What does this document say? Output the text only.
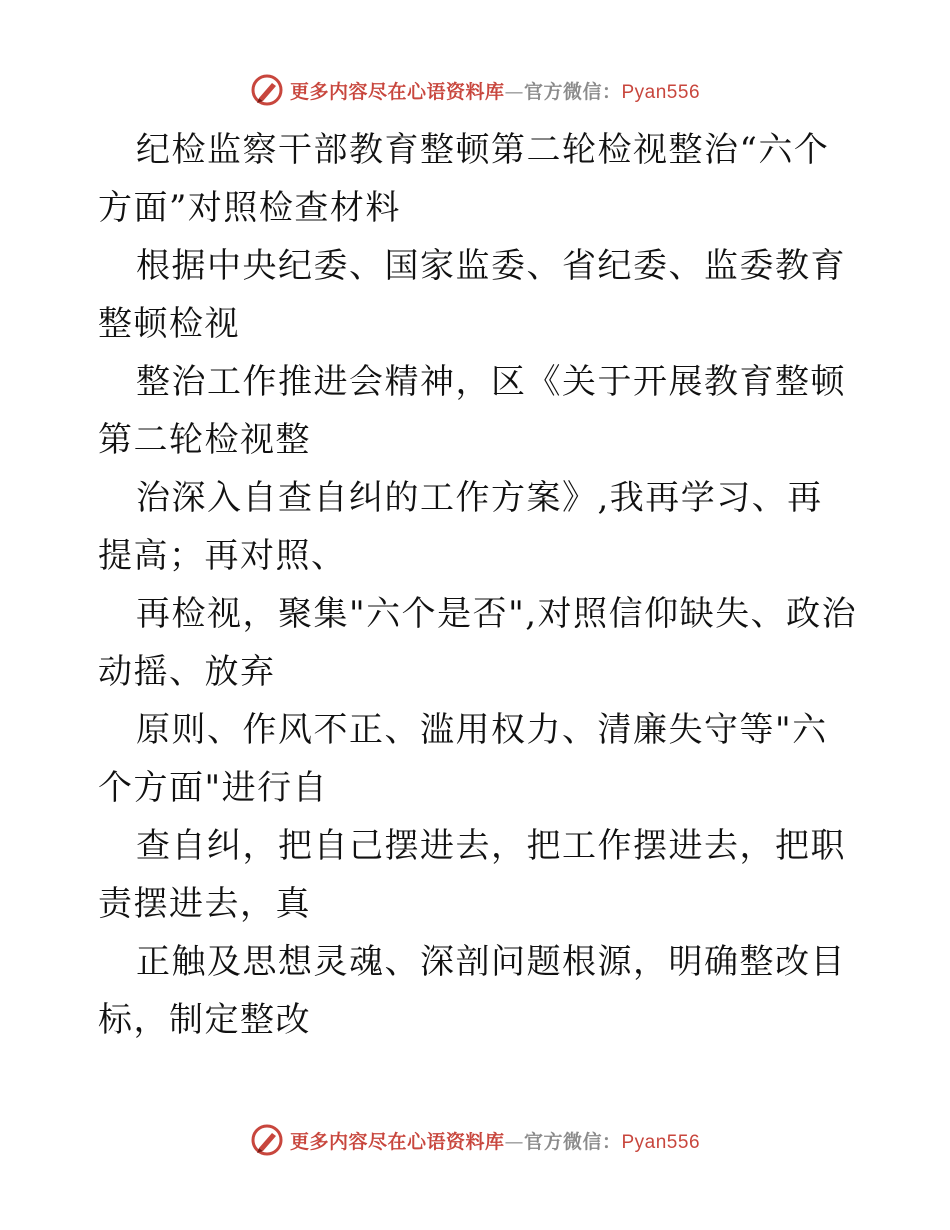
更多内容尽在心语资料库—官方微信：Pyan556

纪检监察干部教育整顿第二轮检视整治“六个方面”对照检查材料

根据中央纪委、国家监委、省纪委、监委教育整顿检视

整治工作推进会精神，区《关于开展教育整顿第二轮检视整

治深入自查自纠的工作方案》,我再学习、再提高；再对照、

再检视，聚集"六个是否",对照信仰缺失、政治动摇、放弃

原则、作风不正、滥用权力、清廉失守等"六个方面"进行自

查自纠，把自己摆进去，把工作摆进去，把职责摆进去，真

正触及思想灵魂、深剖问题根源，明确整改目标，制定整改

更多内容尽在心语资料库—官方微信：Pyan556
